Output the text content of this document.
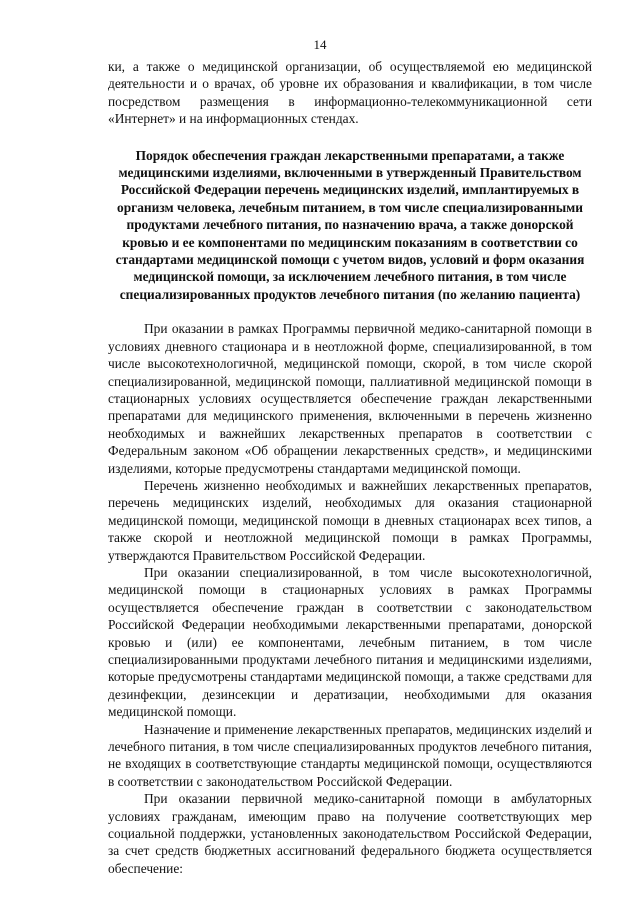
14

ки, а также о медицинской организации, об осуществляемой ею медицинской деятельности и о врачах, об уровне их образования и квалификации, в том числе посредством размещения в информационно-телекоммуникационной сети «Интернет» и на информационных стендах.

Порядок обеспечения граждан лекарственными препаратами, а также медицинскими изделиями, включенными в утвержденный Правительством Российской Федерации перечень медицинских изделий, имплантируемых в организм человека, лечебным питанием, в том числе специализированными продуктами лечебного питания, по назначению врача, а также донорской кровью и ее компонентами по медицинским показаниям в соответствии со стандартами медицинской помощи с учетом видов, условий и форм оказания медицинской помощи, за исключением лечебного питания, в том числе специализированных продуктов лечебного питания (по желанию пациента)

При оказании в рамках Программы первичной медико-санитарной помощи в условиях дневного стационара и в неотложной форме, специализированной, в том числе высокотехнологичной, медицинской помощи, скорой, в том числе скорой специализированной, медицинской помощи, паллиативной медицинской помощи в стационарных условиях осуществляется обеспечение граждан лекарственными препаратами для медицинского применения, включенными в перечень жизненно необходимых и важнейших лекарственных препаратов в соответствии с Федеральным законом «Об обращении лекарственных средств», и медицинскими изделиями, которые предусмотрены стандартами медицинской помощи.

Перечень жизненно необходимых и важнейших лекарственных препаратов, перечень медицинских изделий, необходимых для оказания стационарной медицинской помощи, медицинской помощи в дневных стационарах всех типов, а также скорой и неотложной медицинской помощи в рамках Программы, утверждаются Правительством Российской Федерации.

При оказании специализированной, в том числе высокотехнологичной, медицинской помощи в стационарных условиях в рамках Программы осуществляется обеспечение граждан в соответствии с законодательством Российской Федерации необходимыми лекарственными препаратами, донорской кровью и (или) ее компонентами, лечебным питанием, в том числе специализированными продуктами лечебного питания и медицинскими изделиями, которые предусмотрены стандартами медицинской помощи, а также средствами для дезинфекции, дезинсекции и дератизации, необходимыми для оказания медицинской помощи.

Назначение и применение лекарственных препаратов, медицинских изделий и лечебного питания, в том числе специализированных продуктов лечебного питания, не входящих в соответствующие стандарты медицинской помощи, осуществляются в соответствии с законодательством Российской Федерации.

При оказании первичной медико-санитарной помощи в амбулаторных условиях гражданам, имеющим право на получение соответствующих мер социальной поддержки, установленных законодательством Российской Федерации, за счет средств бюджетных ассигнований федерального бюджета осуществляется обеспечение:
